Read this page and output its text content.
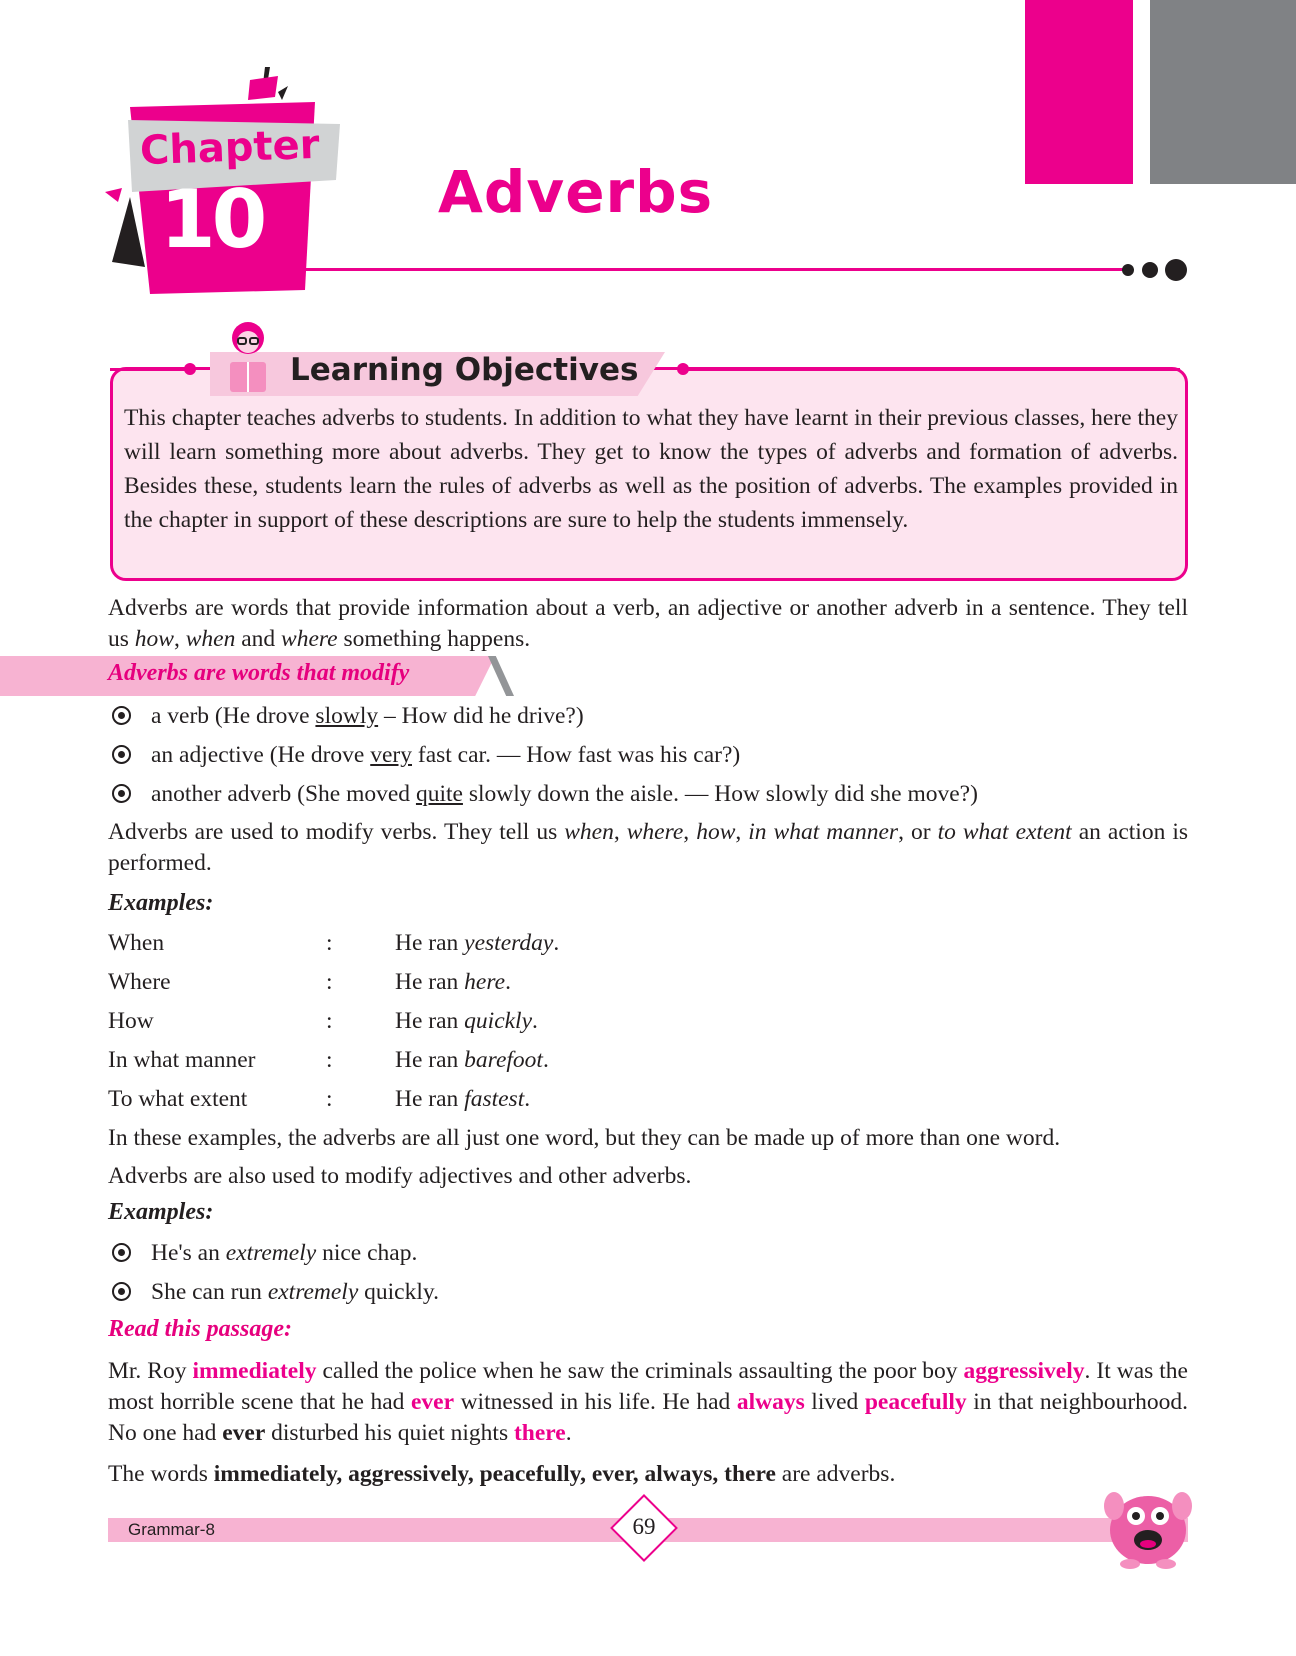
Chapter
10	Adverbs
Learning Objectives
This chapter teaches adverbs to students. In addition to what they have learnt in their previous classes, here they will learn something more about adverbs. They get to know the types of adverbs and formation of adverbs. Besides these, students learn the rules of adverbs as well as the position of adverbs. The examples provided in the chapter in support of these descriptions are sure to help the students immensely.
Adverbs are words that provide information about a verb, an adjective or another adverb in a sentence. They tell us how, when and where something happens.
Adverbs are words that modify
a verb (He drove slowly – How did he drive?)
an adjective (He drove very fast car. — How fast was his car?)
another adverb (She moved quite slowly down the aisle. — How slowly did she move?)
Adverbs are used to modify verbs. They tell us when, where, how, in what manner, or to what extent an action is performed.
Examples:
When	:	He ran yesterday.
Where	:	He ran here.
How	:	He ran quickly.
In what manner	:	He ran barefoot.
To what extent	:	He ran fastest.
In these examples, the adverbs are all just one word, but they can be made up of more than one word.
Adverbs are also used to modify adjectives and other adverbs.
Examples:
He's an extremely nice chap.
She can run extremely quickly.
Read this passage:
Mr. Roy immediately called the police when he saw the criminals assaulting the poor boy aggressively. It was the most horrible scene that he had ever witnessed in his life. He had always lived peacefully in that neighbourhood. No one had ever disturbed his quiet nights there.
The words immediately, aggressively, peacefully, ever, always, there are adverbs.
Grammar-8	69
